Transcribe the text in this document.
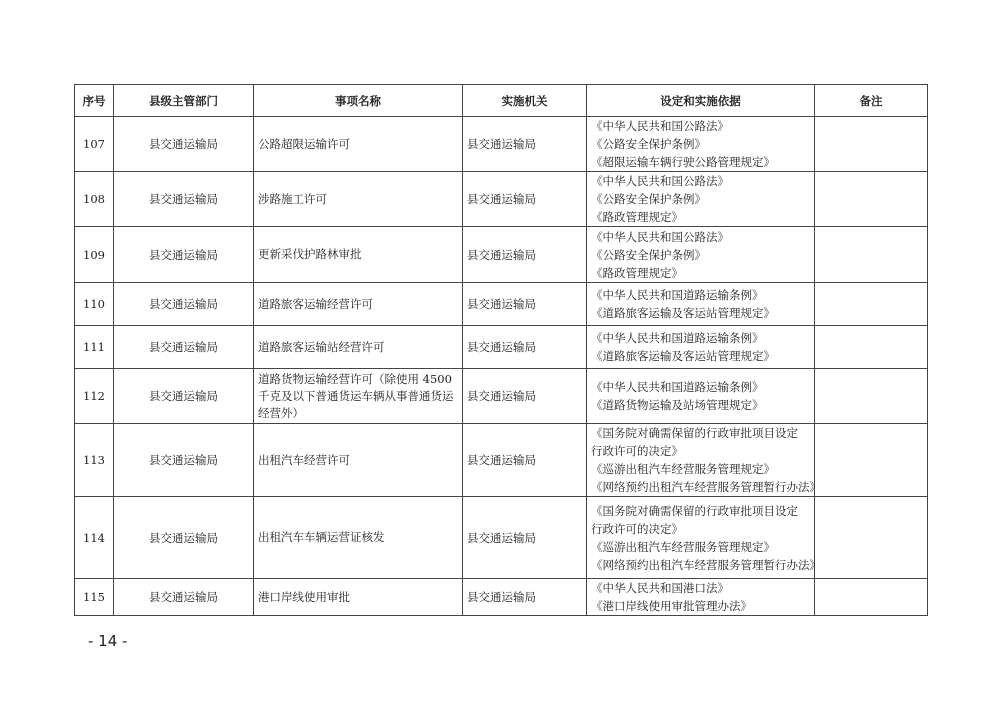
序号	县级主管部门	事项名称	实施机关	设定和实施依据	备注
107	县交通运输局	公路超限运输许可	县交通运输局	《中华人民共和国公路法》
《公路安全保护条例》
《超限运输车辆行驶公路管理规定》	

108	县交通运输局	涉路施工许可	县交通运输局	《中华人民共和国公路法》
《公路安全保护条例》
《路政管理规定》	

109	县交通运输局	更新采伐护路林审批	县交通运输局	《中华人民共和国公路法》
《公路安全保护条例》
《路政管理规定》	

110	县交通运输局	道路旅客运输经营许可	县交通运输局	《中华人民共和国道路运输条例》
《道路旅客运输及客运站管理规定》	

111	县交通运输局	道路旅客运输站经营许可	县交通运输局	《中华人民共和国道路运输条例》
《道路旅客运输及客运站管理规定》	

112	县交通运输局	道路货物运输经营许可（除使用 4500 千克及以下普通货运车辆从事普通货运经营外）	县交通运输局	《中华人民共和国道路运输条例》
《道路货物运输及站场管理规定》	

113	县交通运输局	出租汽车经营许可	县交通运输局	《国务院对确需保留的行政审批项目设定
行政许可的决定》
《巡游出租汽车经营服务管理规定》
《网络预约出租汽车经营服务管理暂行办法》	

114	县交通运输局	出租汽车车辆运营证核发	县交通运输局	《国务院对确需保留的行政审批项目设定
行政许可的决定》
《巡游出租汽车经营服务管理规定》
《网络预约出租汽车经营服务管理暂行办法》	

115	县交通运输局	港口岸线使用审批	县交通运输局	《中华人民共和国港口法》
《港口岸线使用审批管理办法》	

- 14 -
